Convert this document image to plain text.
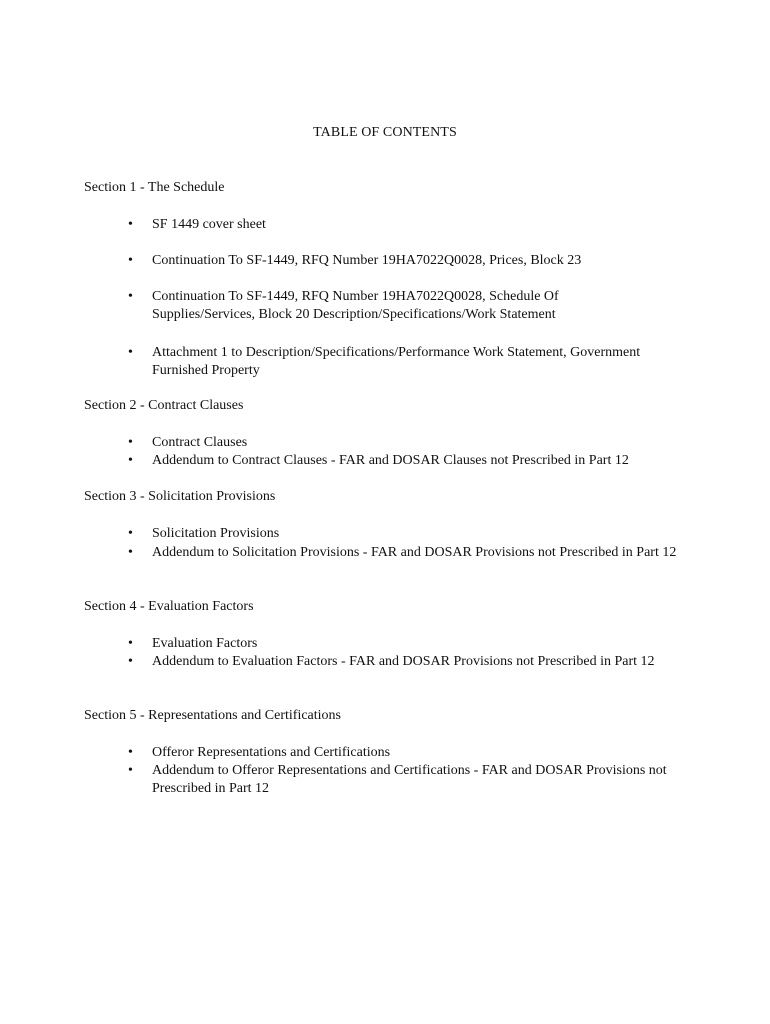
TABLE OF CONTENTS
Section 1 - The Schedule
•	SF 1449 cover sheet
•	Continuation To SF-1449, RFQ Number 19HA7022Q0028, Prices, Block 23
•	Continuation To SF-1449, RFQ Number 19HA7022Q0028, Schedule Of Supplies/Services, Block 20 Description/Specifications/Work Statement
•	Attachment 1 to Description/Specifications/Performance Work Statement, Government Furnished Property
Section 2 - Contract Clauses
•	Contract Clauses
•	Addendum to Contract Clauses - FAR and DOSAR Clauses not Prescribed in Part 12
Section 3 - Solicitation Provisions
•	Solicitation Provisions
•	Addendum to Solicitation Provisions - FAR and DOSAR Provisions not Prescribed in Part 12
Section 4 - Evaluation Factors
•	Evaluation Factors
•	Addendum to Evaluation Factors - FAR and DOSAR Provisions not Prescribed in Part 12
Section 5 - Representations and Certifications
•	Offeror Representations and Certifications
•	Addendum to Offeror Representations and Certifications - FAR and DOSAR Provisions not Prescribed in Part 12
